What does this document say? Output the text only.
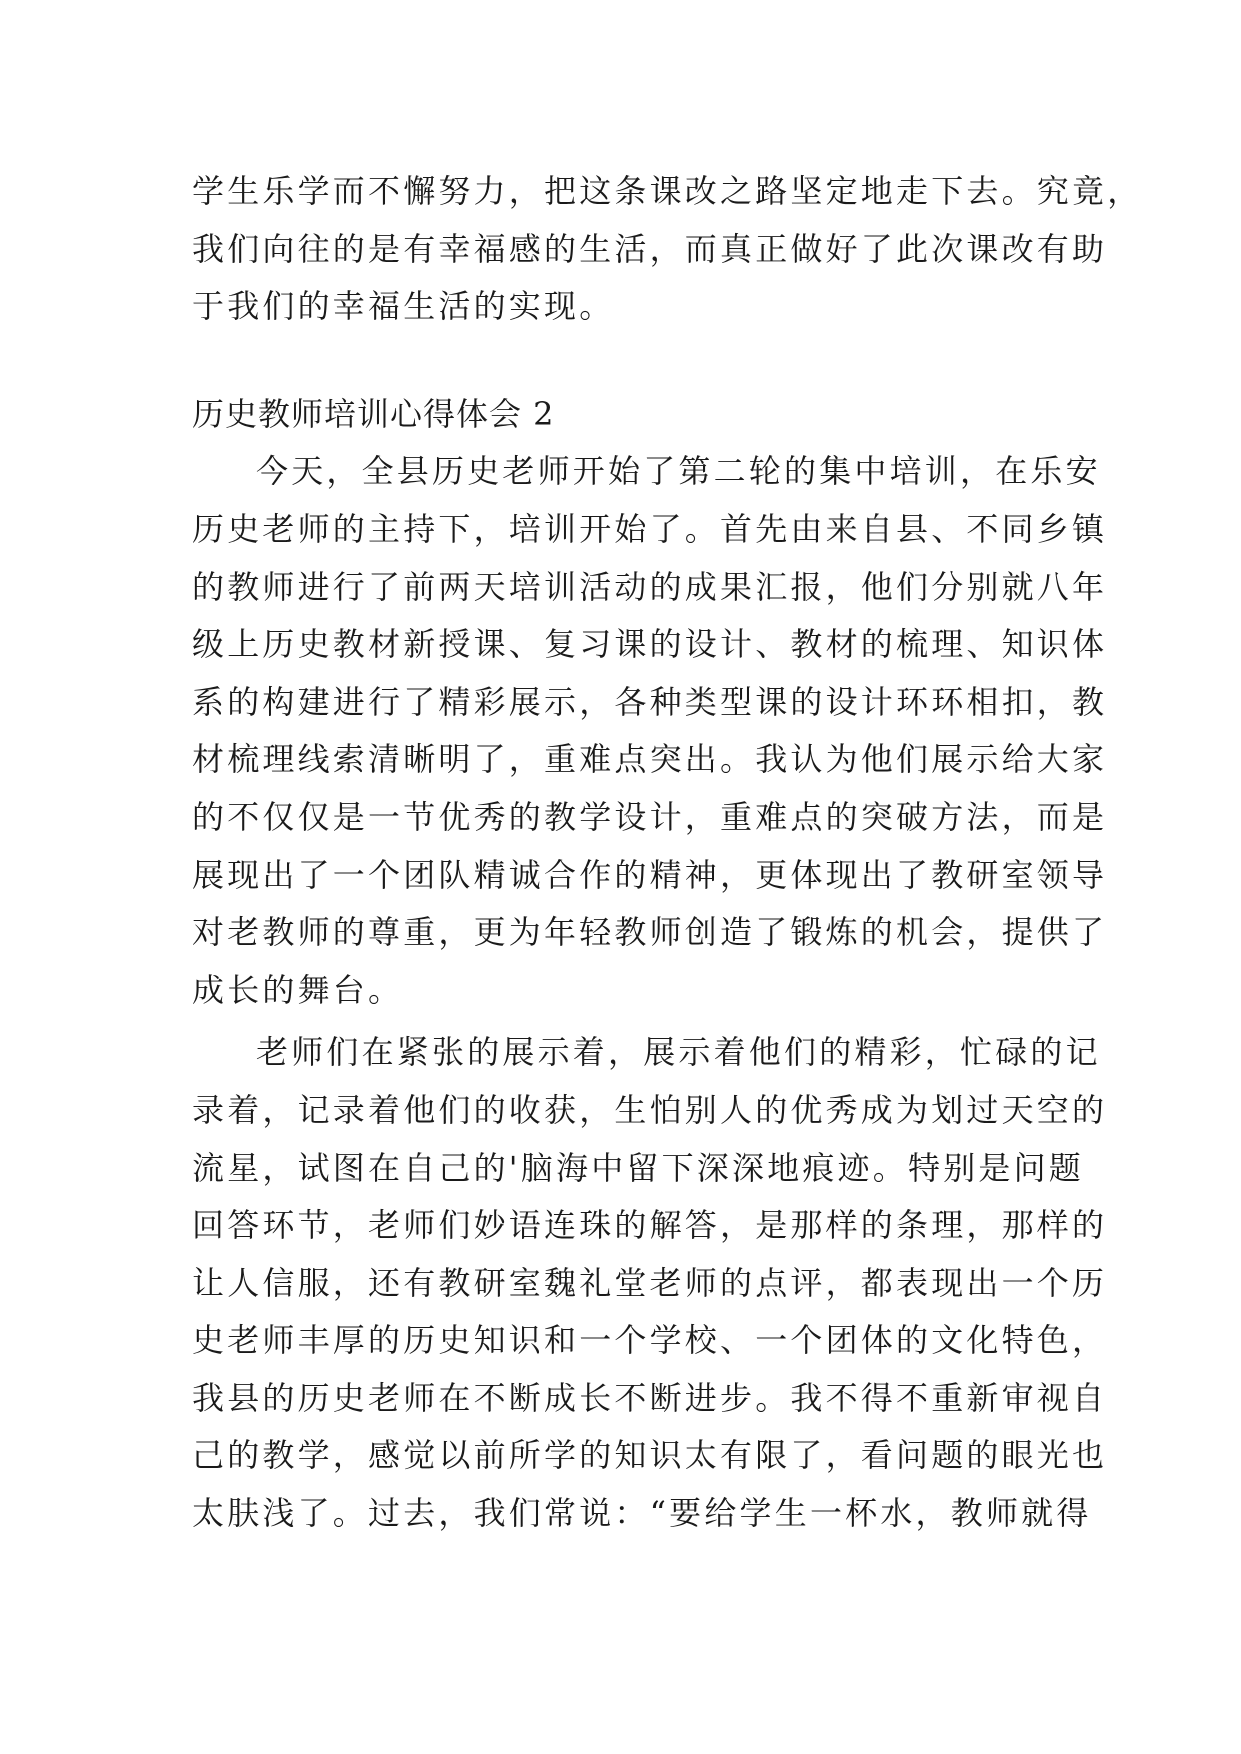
学生乐学而不懈努力，把这条课改之路坚定地走下去。究竟，
我们向往的是有幸福感的生活，而真正做好了此次课改有助
于我们的幸福生活的实现。

历史教师培训心得体会 2

今天，全县历史老师开始了第二轮的集中培训，在乐安
历史老师的主持下，培训开始了。首先由来自县、不同乡镇
的教师进行了前两天培训活动的成果汇报，他们分别就八年
级上历史教材新授课、复习课的设计、教材的梳理、知识体
系的构建进行了精彩展示，各种类型课的设计环环相扣，教
材梳理线索清晰明了，重难点突出。我认为他们展示给大家
的不仅仅是一节优秀的教学设计，重难点的突破方法，而是
展现出了一个团队精诚合作的精神，更体现出了教研室领导
对老教师的尊重，更为年轻教师创造了锻炼的机会，提供了
成长的舞台。

老师们在紧张的展示着，展示着他们的精彩，忙碌的记
录着，记录着他们的收获，生怕别人的优秀成为划过天空的
流星，试图在自己的'脑海中留下深深地痕迹。特别是问题
回答环节，老师们妙语连珠的解答，是那样的条理，那样的
让人信服，还有教研室魏礼堂老师的点评，都表现出一个历
史老师丰厚的历史知识和一个学校、一个团体的文化特色，
我县的历史老师在不断成长不断进步。我不得不重新审视自
己的教学，感觉以前所学的知识太有限了，看问题的眼光也
太肤浅了。过去，我们常说：“要给学生一杯水，教师就得
